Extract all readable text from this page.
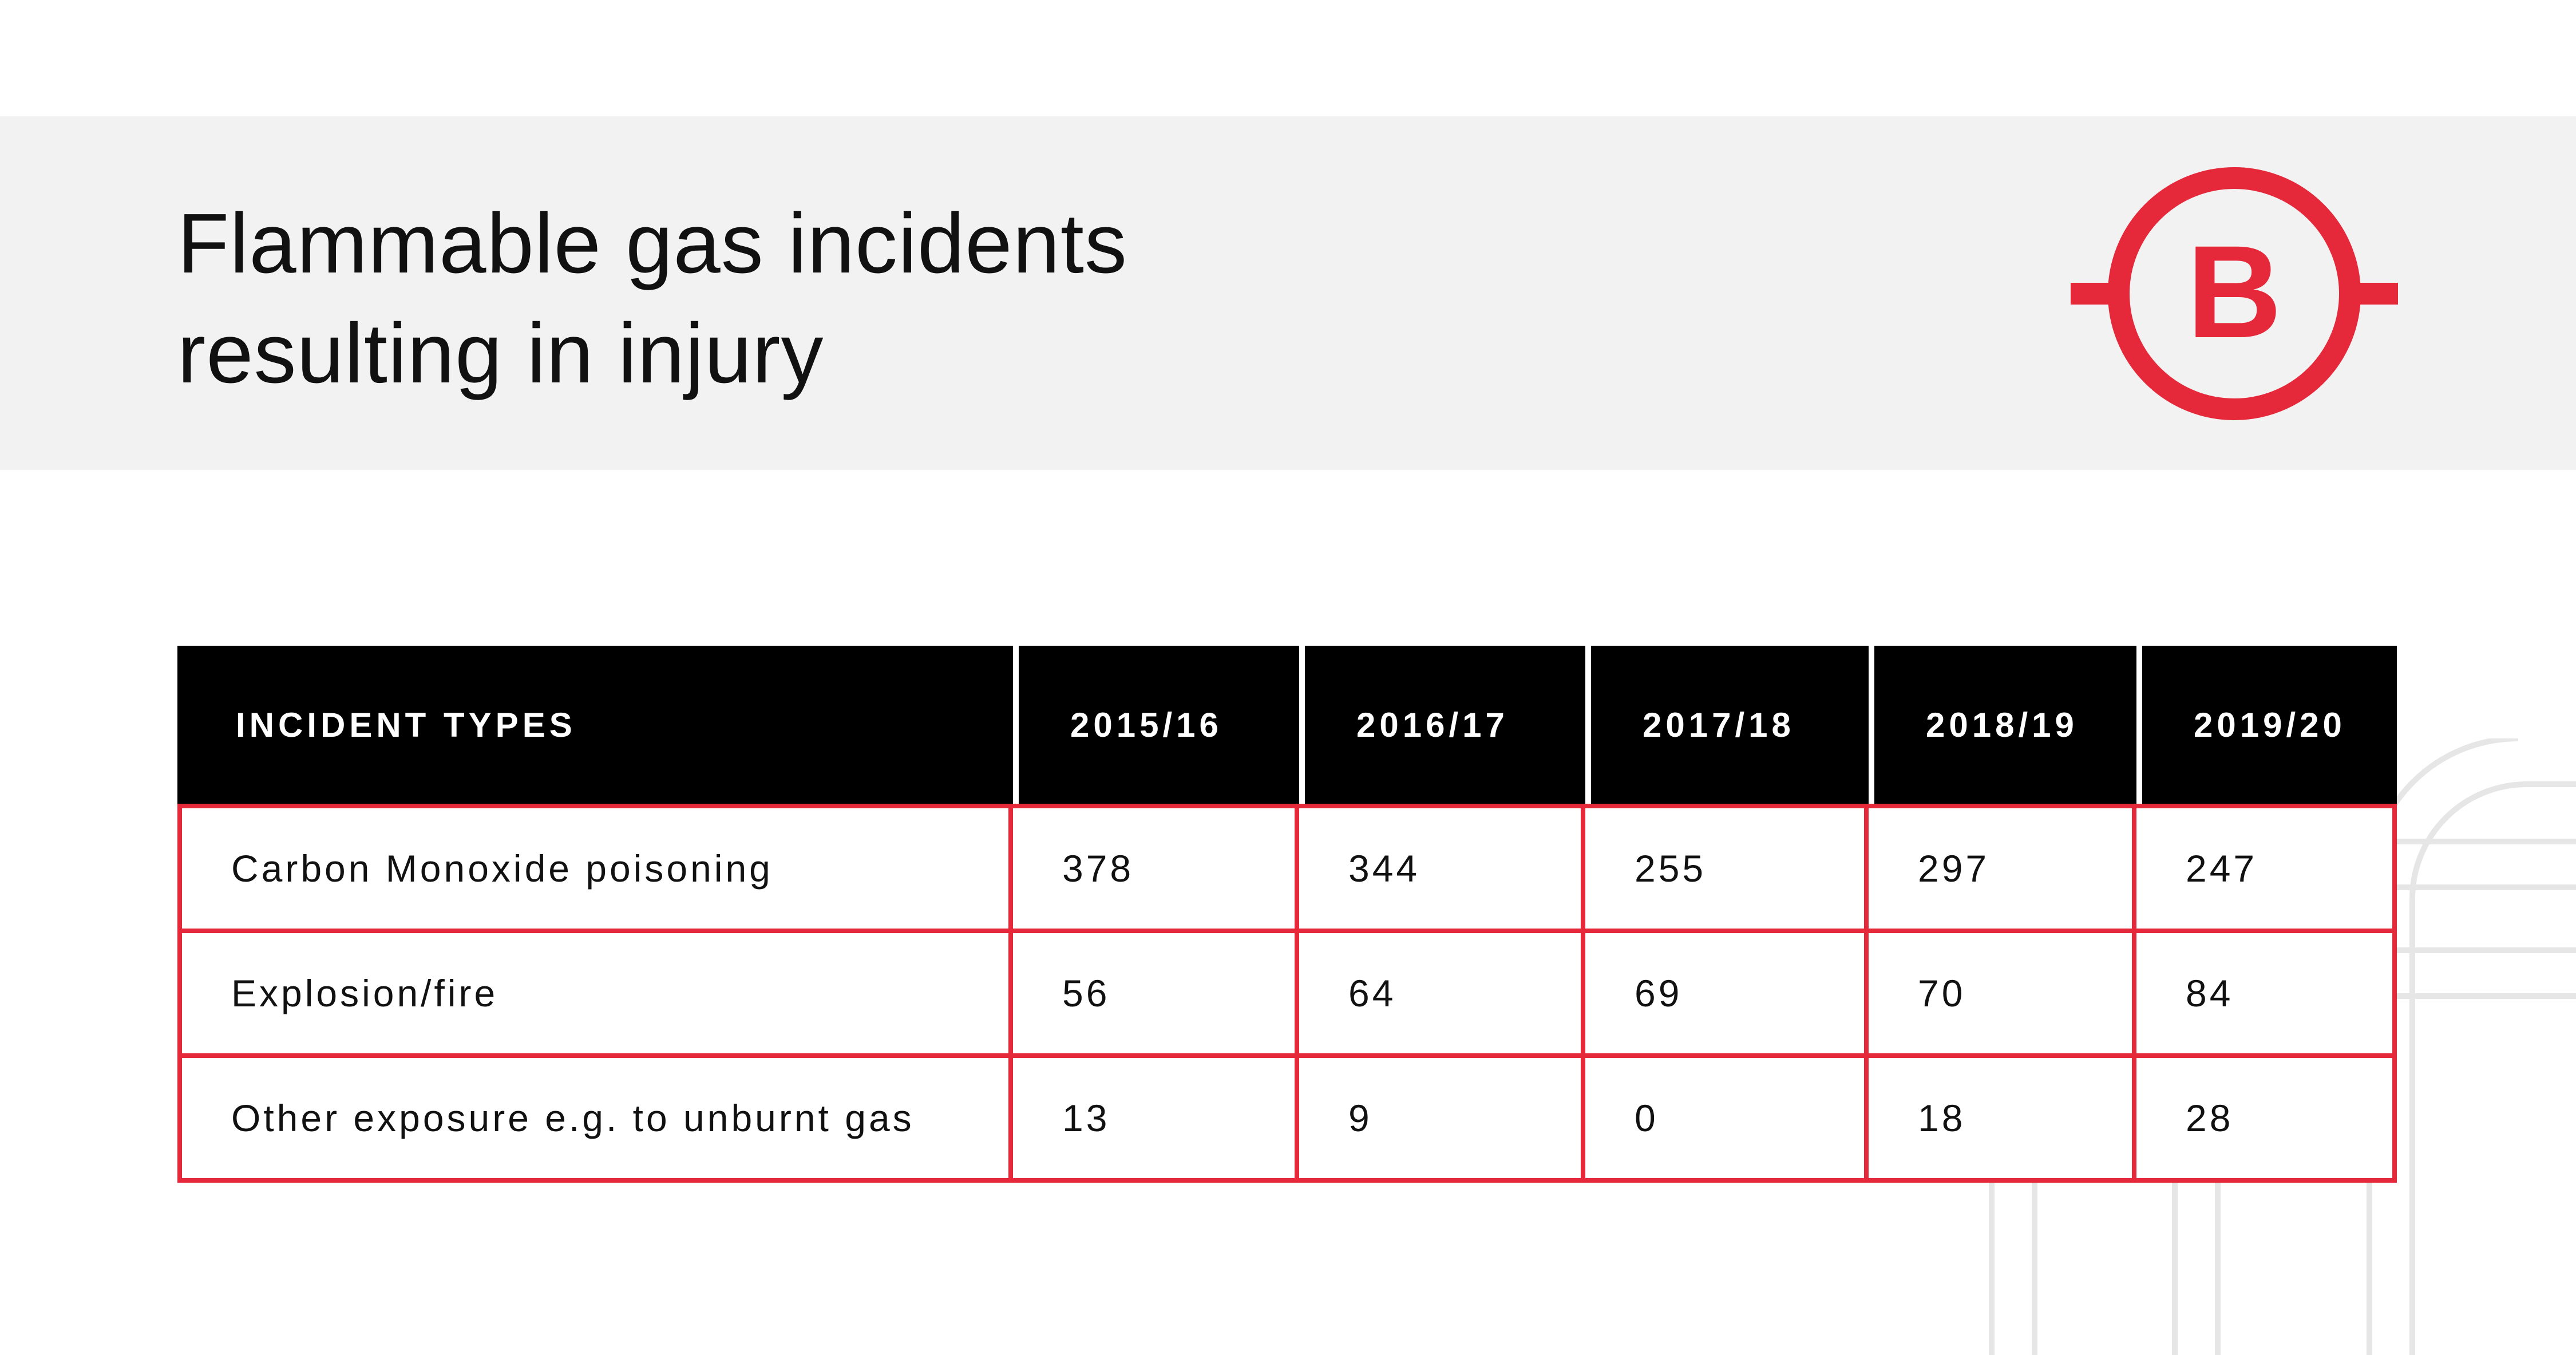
Flammable gas incidents
resulting in injury	B
INCIDENT TYPES	2015/16	2016/17	2017/18	2018/19	2019/20
Carbon Monoxide poisoning	378	344	255	297	247
Explosion/fire	56	64	69	70	84
Other exposure e.g. to unburnt gas	13	9	0	18	28
